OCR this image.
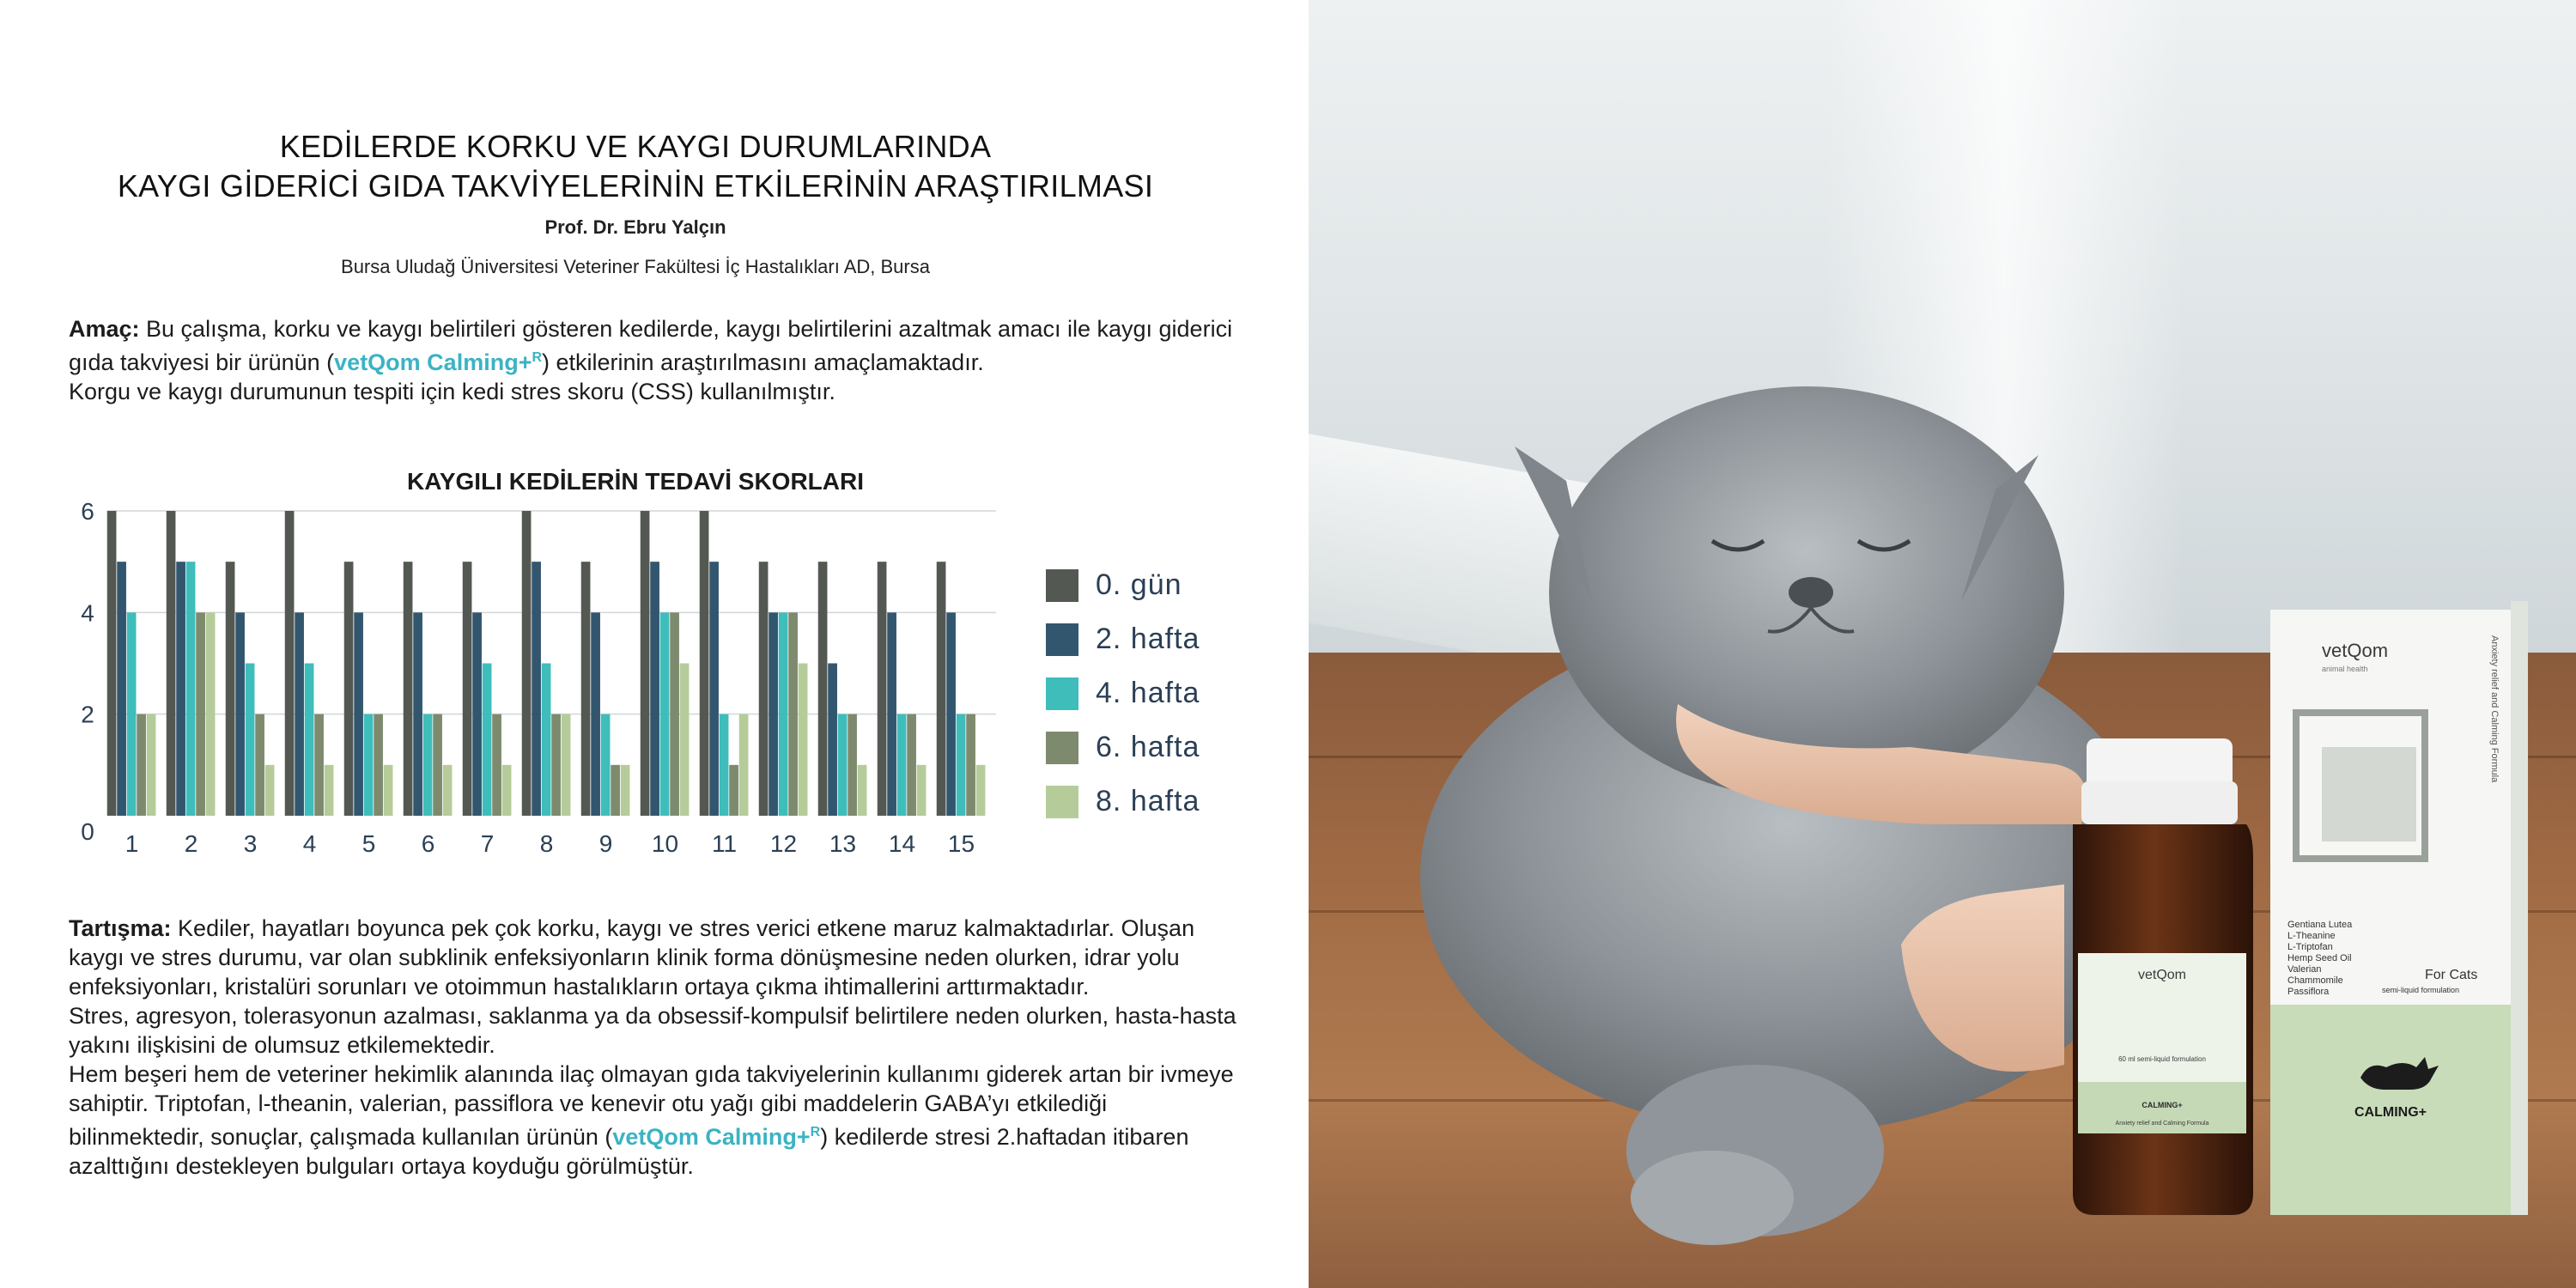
KEDİLERDE KORKU VE KAYGI DURUMLARINDA
KAYGI GİDERİCİ GIDA TAKVİYELERİNİN ETKİLERİNİN ARAŞTIRILMASI
Prof. Dr. Ebru Yalçın
Bursa Uludağ Üniversitesi Veteriner Fakültesi İç Hastalıkları AD, Bursa
Amaç: Bu çalışma, korku ve kaygı belirtileri gösteren kedilerde, kaygı belirtilerini azaltmak amacı ile kaygı giderici gıda takviyesi bir ürünün (vetQom Calming+$^R$) etkilerinin araştırılmasını amaçlamaktadır.
Korgu ve kaygı durumunun tespiti için kedi stres skoru (CSS) kullanılmıştır.
KAYGILI KEDİLERİN TEDAVİ SKORLARI
0
2
4
6
1 2 3 4 5 6 7 8 9 10 11 12 13 14 15
0. gün
2. hafta
4. hafta
6. hafta
8. hafta
Tartışma: Kediler, hayatları boyunca pek çok korku, kaygı ve stres verici etkene maruz kalmaktadırlar. Oluşan kaygı ve stres durumu, var olan subklinik enfeksiyonların klinik forma dönüşmesine neden olurken, idrar yolu enfeksiyonları, kristalüri sorunları ve otoimmun hastalıkların ortaya çıkma ihtimallerini arttırmaktadır.
Stres, agresyon, tolerasyonun azalması, saklanma ya da obsessif-kompulsif belirtilere neden olurken, hasta-hasta yakını ilişkisini de olumsuz etkilemektedir.
Hem beşeri hem de veteriner hekimlik alanında ilaç olmayan gıda takviyelerinin kullanımı giderek artan bir ivmeye sahiptir. Triptofan, l-theanin, valerian, passiflora ve kenevir otu yağı gibi maddelerin GABA’yı etkilediği bilinmektedir, sonuçlar, çalışmada kullanılan ürünün (vetQom Calming+$^R$) kedilerde stresi 2.haftadan itibaren azalttığını destekleyen bulguları ortaya koyduğu görülmüştür.
vetQom
60 ml semi-liquid formulation
CALMING+
Anxiety relief and Calming Formula
vetQom
animal health	Anxiety relief and Calming Formula
Gentiana Lutea
L-Theanine
L-Triptofan
Hemp Seed Oil
Valerian
Chammomile
Passiflora
For Cats
semi-liquid formulation
CALMING+
